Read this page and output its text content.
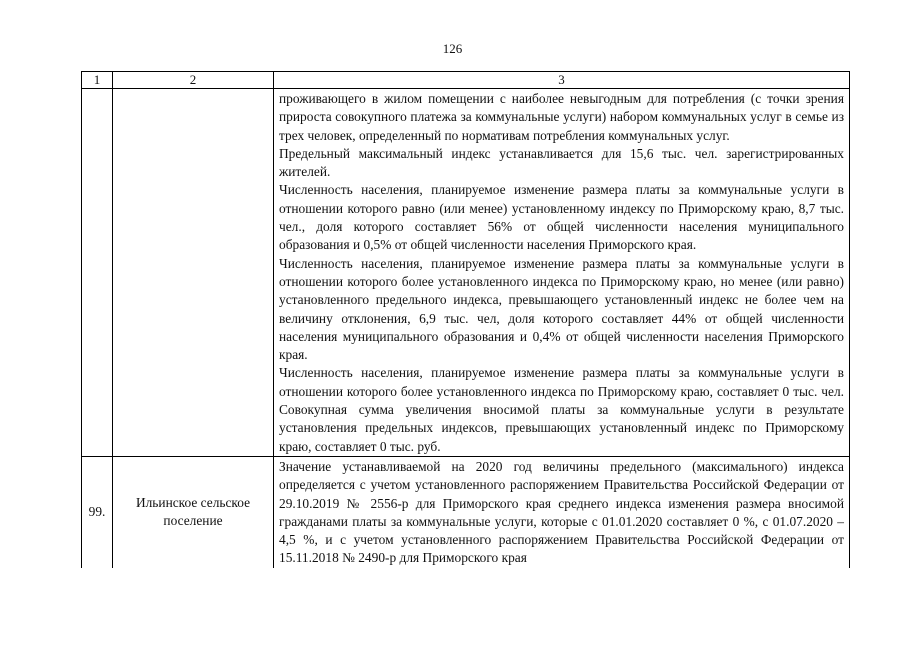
126
1	2	3

		проживающего в жилом помещении с наиболее невыгодным для потребления (с точки зрения прироста совокупного платежа за коммунальные услуги) набором коммунальных услуг в семье из трех человек, определенный по нормативам потребления коммунальных услуг.

Предельный максимальный индекс устанавливается для 15,6 тыс. чел. зарегистрированных жителей.

Численность населения, планируемое изменение размера платы за коммунальные услуги в отношении которого равно (или менее) установленному индексу по Приморскому краю, 8,7 тыс. чел., доля которого составляет 56% от общей численности населения муниципального образования и 0,5% от общей численности населения Приморского края.

Численность населения, планируемое изменение размера платы за коммунальные услуги в отношении которого более установленного индекса по Приморскому краю, но менее (или равно) установленного предельного индекса, превышающего установленный индекс не более чем на величину отклонения, 6,9 тыс. чел, доля которого составляет 44% от общей численности населения муниципального образования и 0,4% от общей численности населения Приморского края.

Численность населения, планируемое изменение размера платы за коммунальные услуги в отношении которого более установленного индекса по Приморскому краю, составляет 0 тыс. чел. Совокупная сумма увеличения вносимой платы за коммунальные услуги в результате установления предельных индексов, превышающих установленный индекс по Приморскому краю, составляет 0 тыс. руб.

99.	Ильинское сельское поселение	Значение устанавливаемой на 2020 год величины предельного (максимального) индекса определяется с учетом установленного распоряжением Правительства Российской Федерации от 29.10.2019 № 2556-р для Приморского края среднего индекса изменения размера вносимой гражданами платы за коммунальные услуги, которые с 01.01.2020 составляет 0 %, с 01.07.2020 – 4,5 %, и с учетом установленного распоряжением Правительства Российской Федерации от 15.11.2018 № 2490-р для Приморского края
